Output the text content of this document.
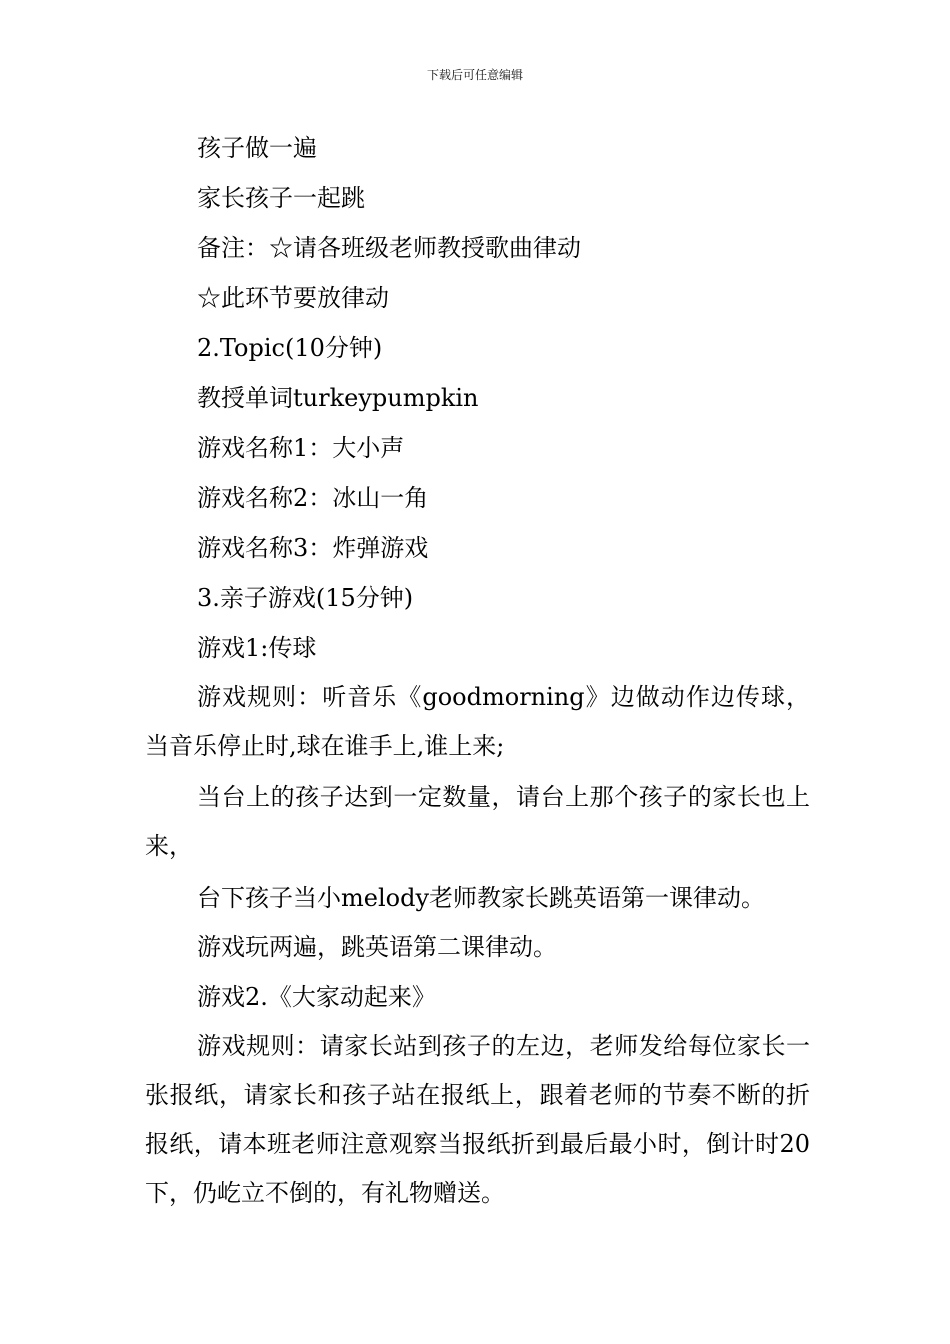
下载后可任意编辑
孩子做一遍
家长孩子一起跳
备注：☆请各班级老师教授歌曲律动
☆此环节要放律动
2.Topic(10分钟)
教授单词turkeypumpkin
游戏名称1：大小声
游戏名称2：冰山一角
游戏名称3：炸弹游戏
3.亲子游戏(15分钟)
游戏1:传球
游戏规则：听音乐《goodmorning》边做动作边传球，当音乐停止时,球在谁手上,谁上来;
当台上的孩子达到一定数量，请台上那个孩子的家长也上来，
台下孩子当小melody老师教家长跳英语第一课律动。
游戏玩两遍，跳英语第二课律动。
游戏2.《大家动起来》
游戏规则：请家长站到孩子的左边，老师发给每位家长一张报纸，请家长和孩子站在报纸上，跟着老师的节奏不断的折报纸，请本班老师注意观察当报纸折到最后最小时，倒计时20下，仍屹立不倒的，有礼物赠送。
